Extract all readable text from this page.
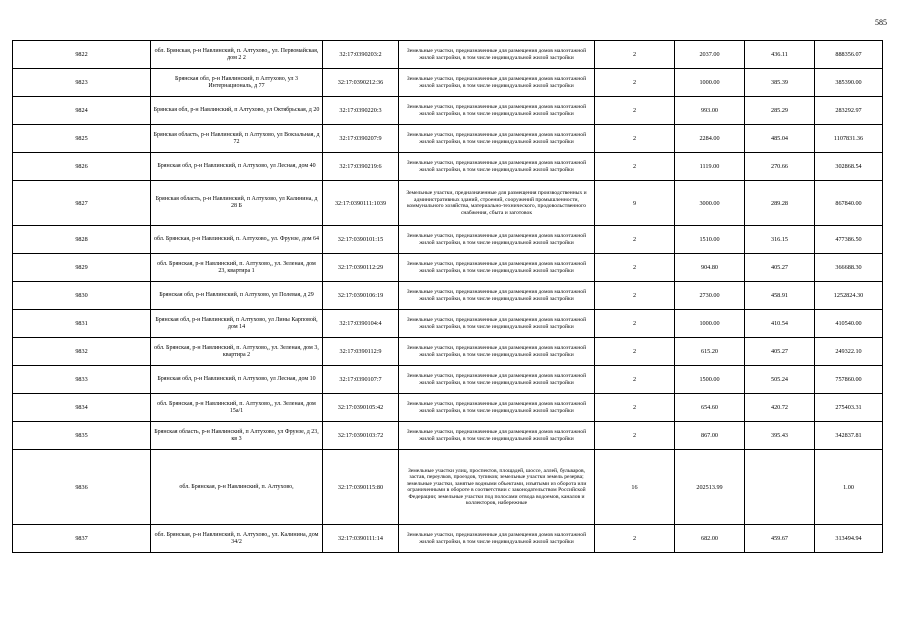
585
9822	обл. Брянская, р-н Навлинский, п. Алтухово,, ул. Первомайская, дом 2 2	32:17:0390203:2	Земельные участки, предназначенные для размещения домов малоэтажной жилой застройки, в том числе индивидуальной жилой застройки	2	2037.00	436.11	888356.07
9823	Брянская обл, р-н Навлинский, п Алтухово, ул 3 Интернациональ, д 77	32:17:0390212:36	Земельные участки, предназначенные для размещения домов малоэтажной жилой застройки, в том числе индивидуальной жилой застройки	2	1000.00	385.39	385390.00
9824	Брянская обл, р-н Навлинский, п Алтухово, ул Октябрьская, д 20	32:17:0390220:3	Земельные участки, предназначенные для размещения домов малоэтажной жилой застройки, в том числе индивидуальной жилой застройки	2	993.00	285.29	283292.97
9825	Брянская область, р-н Навлинский, п Алтухово, ул Вокзальная, д 72	32:17:0390207:9	Земельные участки, предназначенные для размещения домов малоэтажной жилой застройки, в том числе индивидуальной жилой застройки	2	2284.00	485.04	1107831.36
9826	Брянская обл, р-н Навлинский, п Алтухово, ул Лесная, дом 40	32:17:0390219:6	Земельные участки, предназначенные для размещения домов малоэтажной жилой застройки, в том числе индивидуальной жилой застройки	2	1119.00	270.66	302868.54
9827	Брянская область, р-н Навлинский, п Алтухово, ул Калинина, д 28 Б	32:17:0390111:1039	Земельные участки, предназначенные для размещения производственных и административных зданий, строений, сооружений промышленности, коммунального хозяйства, материально-технического, продовольственного снабжения, сбыта и заготовок	9	3000.00	289.28	867840.00
9828	обл. Брянская, р-н Навлинский, п. Алтухово,, ул. Фрунзе, дом 64	32:17:0390101:15	Земельные участки, предназначенные для размещения домов малоэтажной жилой застройки, в том числе индивидуальной жилой застройки	2	1510.00	316.15	477386.50
9829	обл. Брянская, р-н Навлинский, п. Алтухово,, ул. Зеленая, дом 23, квартира 1	32:17:0390112:29	Земельные участки, предназначенные для размещения домов малоэтажной жилой застройки, в том числе индивидуальной жилой застройки	2	904.80	405.27	366688.30
9830	Брянская обл, р-н Навлинский, п Алтухово, ул Полевая, д 29	32:17:0390106:19	Земельные участки, предназначенные для размещения домов малоэтажной жилой застройки, в том числе индивидуальной жилой застройки	2	2730.00	458.91	1252824.30
9831	Брянская обл, р-н Навлинский, п Алтухово, ул Лины Карповой, дом 14	32:17:0390104:4	Земельные участки, предназначенные для размещения домов малоэтажной жилой застройки, в том числе индивидуальной жилой застройки	2	1000.00	410.54	410540.00
9832	обл. Брянская, р-н Навлинский, п. Алтухово,, ул. Зеленая, дом 3, квартира 2	32:17:0390112:9	Земельные участки, предназначенные для размещения домов малоэтажной жилой застройки, в том числе индивидуальной жилой застройки	2	615.20	405.27	249322.10
9833	Брянская обл, р-н Навлинский, п Алтухово, ул Лесная, дом 10	32:17:0390107:7	Земельные участки, предназначенные для размещения домов малоэтажной жилой застройки, в том числе индивидуальной жилой застройки	2	1500.00	505.24	757860.00
9834	обл. Брянская, р-н Навлинский, п. Алтухово,, ул. Зеленая, дом 15а/1	32:17:0390105:42	Земельные участки, предназначенные для размещения домов малоэтажной жилой застройки, в том числе индивидуальной жилой застройки	2	654.60	420.72	275403.31
9835	Брянская область, р-н Навлинский, п Алтухово, ул Фрунзе, д 23, кв 3	32:17:0390103:72	Земельные участки, предназначенные для размещения домов малоэтажной жилой застройки, в том числе индивидуальной жилой застройки	2	867.00	395.43	342837.81
9836	обл. Брянская, р-н Навлинский, п. Алтухово,	32:17:0390115:80	Земельные участки улиц, проспектов, площадей, шоссе, аллей, бульваров, застав, переулков, проездов, тупиков; земельные участки земель резерва; земельные участки, занятые водными объектами, изъятыми из оборота или ограниченными в обороте в соответствии с законодательством Российской Федерации; земельные участки под полосами отвода водоемов, каналов и коллекторов, набережные	16	202513.99		1.00
9837	обл. Брянская, р-н Навлинский, п. Алтухово,, ул. Калинина, дом 34/2	32:17:0390111:14	Земельные участки, предназначенные для размещения домов малоэтажной жилой застройки, в том числе индивидуальной жилой застройки	2	682.00	459.67	313494.94
